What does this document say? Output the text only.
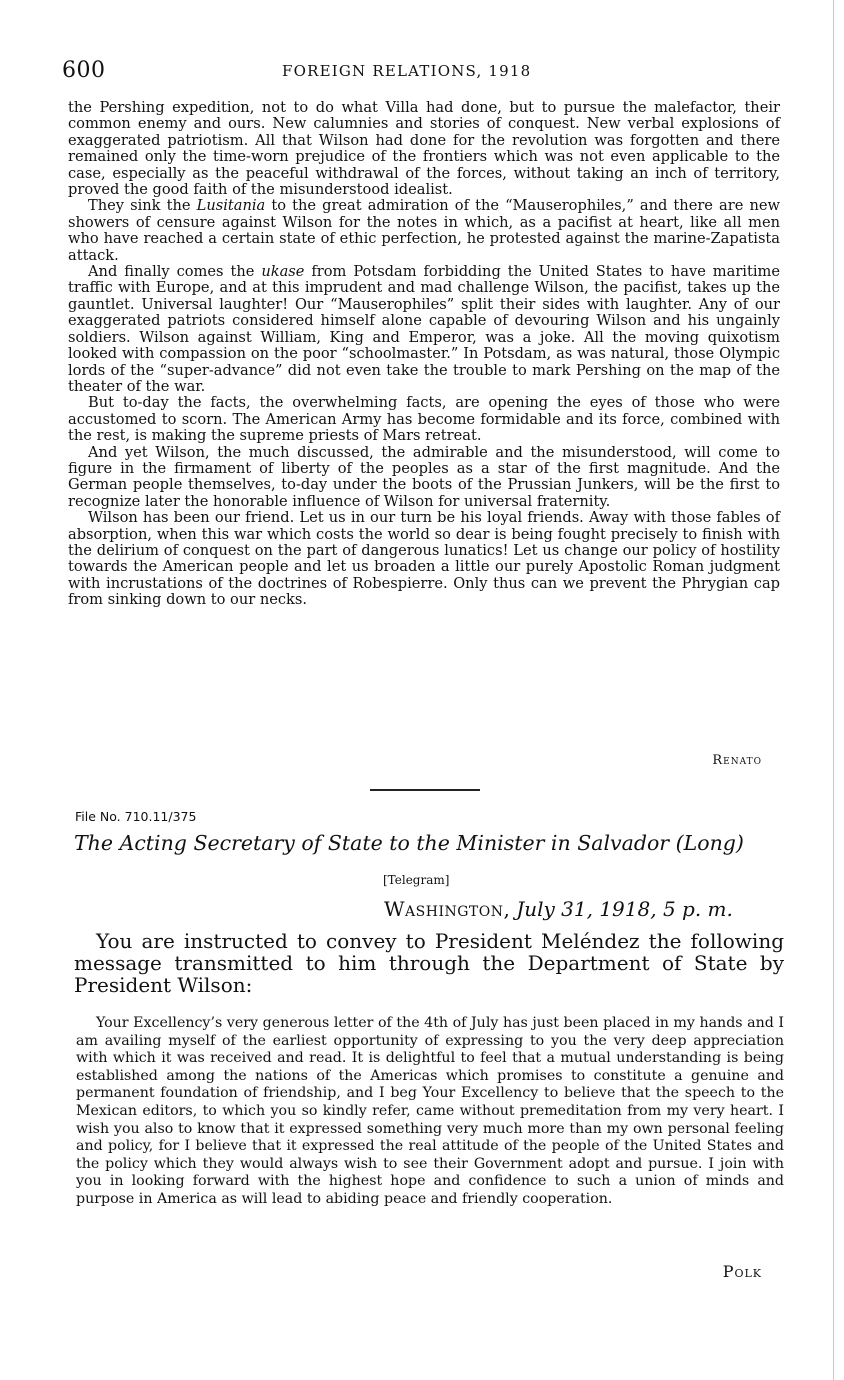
600	FOREIGN RELATIONS, 1918

the Pershing expedition, not to do what Villa had done, but to pursue the malefactor, their common enemy and ours. New calumnies and stories of conquest. New verbal explosions of exaggerated patriotism. All that Wilson had done for the revolution was forgotten and there remained only the time-worn prejudice of the frontiers which was not even applicable to the case, especially as the peaceful withdrawal of the forces, without taking an inch of territory, proved the good faith of the misunderstood idealist.

They sink the Lusitania to the great admiration of the “Mauserophiles,” and there are new showers of censure against Wilson for the notes in which, as a pacifist at heart, like all men who have reached a certain state of ethic perfection, he protested against the marine-Zapatista attack.

And finally comes the ukase from Potsdam forbidding the United States to have maritime traffic with Europe, and at this imprudent and mad challenge Wilson, the pacifist, takes up the gauntlet. Universal laughter! Our “Mauserophiles” split their sides with laughter. Any of our exaggerated patriots considered himself alone capable of devouring Wilson and his ungainly soldiers. Wilson against William, King and Emperor, was a joke. All the moving quixotism looked with compassion on the poor “schoolmaster.” In Potsdam, as was natural, those Olympic lords of the “super-advance” did not even take the trouble to mark Pershing on the map of the theater of the war.

But to-day the facts, the overwhelming facts, are opening the eyes of those who were accustomed to scorn. The American Army has become formidable and its force, combined with the rest, is making the supreme priests of Mars retreat.

And yet Wilson, the much discussed, the admirable and the misunderstood, will come to figure in the firmament of liberty of the peoples as a star of the first magnitude. And the German people themselves, to-day under the boots of the Prussian Junkers, will be the first to recognize later the honorable influence of Wilson for universal fraternity.

Wilson has been our friend. Let us in our turn be his loyal friends. Away with those fables of absorption, when this war which costs the world so dear is being fought precisely to finish with the delirium of conquest on the part of dangerous lunatics! Let us change our policy of hostility towards the American people and let us broaden a little our purely Apostolic Roman judgment with incrustations of the doctrines of Robespierre. Only thus can we prevent the Phrygian cap from sinking down to our necks.

Renato
File No. 710.11/375
The Acting Secretary of State to the Minister in Salvador (Long)
[Telegram]
Washington, July 31, 1918, 5 p. m.
You are instructed to convey to President Meléndez the following message transmitted to him through the Department of State by President Wilson:
Your Excellency’s very generous letter of the 4th of July has just been placed in my hands and I am availing myself of the earliest opportunity of expressing to you the very deep appreciation with which it was received and read. It is delightful to feel that a mutual understanding is being established among the nations of the Americas which promises to constitute a genuine and permanent foundation of friendship, and I beg Your Excellency to believe that the speech to the Mexican editors, to which you so kindly refer, came without premeditation from my very heart. I wish you also to know that it expressed something very much more than my own personal feeling and policy, for I believe that it expressed the real attitude of the people of the United States and the policy which they would always wish to see their Government adopt and pursue. I join with you in looking forward with the highest hope and confidence to such a union of minds and purpose in America as will lead to abiding peace and friendly cooperation.
Polk
